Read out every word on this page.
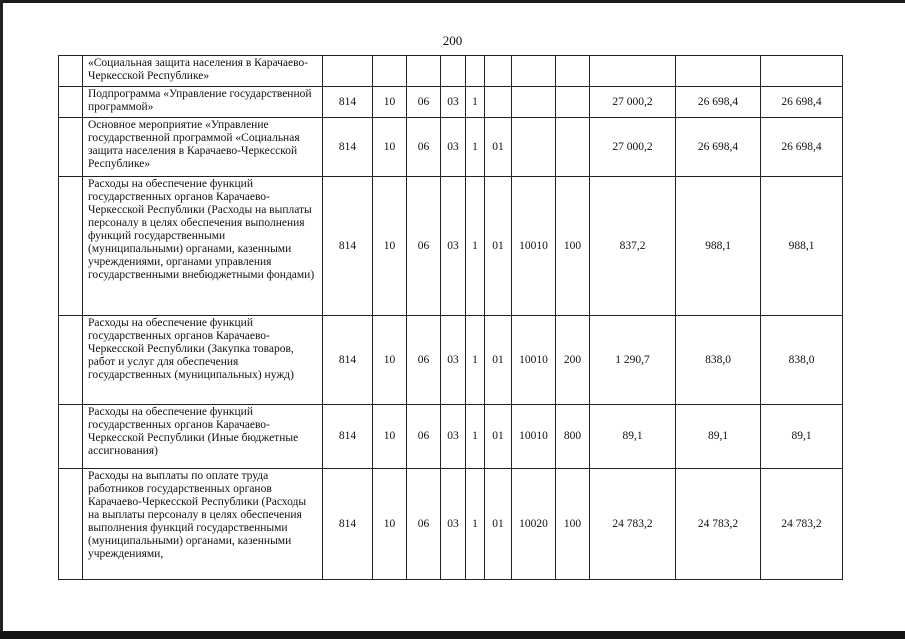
200
	«Социальная защита населения в Карачаево-Черкесской Республике»											
	Подпрограмма «Управление государственной программой»	814	10	06	03	1				27 000,2	26 698,4	26 698,4
	Основное мероприятие «Управление государственной программой «Социальная защита населения в Карачаево-Черкесской Республике»	814	10	06	03	1	01			27 000,2	26 698,4	26 698,4
	Расходы на обеспечение функций государственных органов Карачаево-Черкесской Республики (Расходы на выплаты персоналу в целях обеспечения выполнения функций государственными (муниципальными) органами, казенными учреждениями, органами управления государственными внебюджетными фондами)	814	10	06	03	1	01	10010	100	837,2	988,1	988,1
	Расходы на обеспечение функций государственных органов Карачаево-Черкесской Республики (Закупка товаров, работ и услуг для обеспечения государственных (муниципальных) нужд)	814	10	06	03	1	01	10010	200	1 290,7	838,0	838,0
	Расходы на обеспечение функций государственных органов Карачаево-Черкесской Республики (Иные бюджетные ассигнования)	814	10	06	03	1	01	10010	800	89,1	89,1	89,1
	Расходы на выплаты по оплате труда работников государственных органов Карачаево-Черкесской Республики (Расходы на выплаты персоналу в целях обеспечения выполнения функций государственными (муниципальными) органами, казенными учреждениями,	814	10	06	03	1	01	10020	100	24 783,2	24 783,2	24 783,2
